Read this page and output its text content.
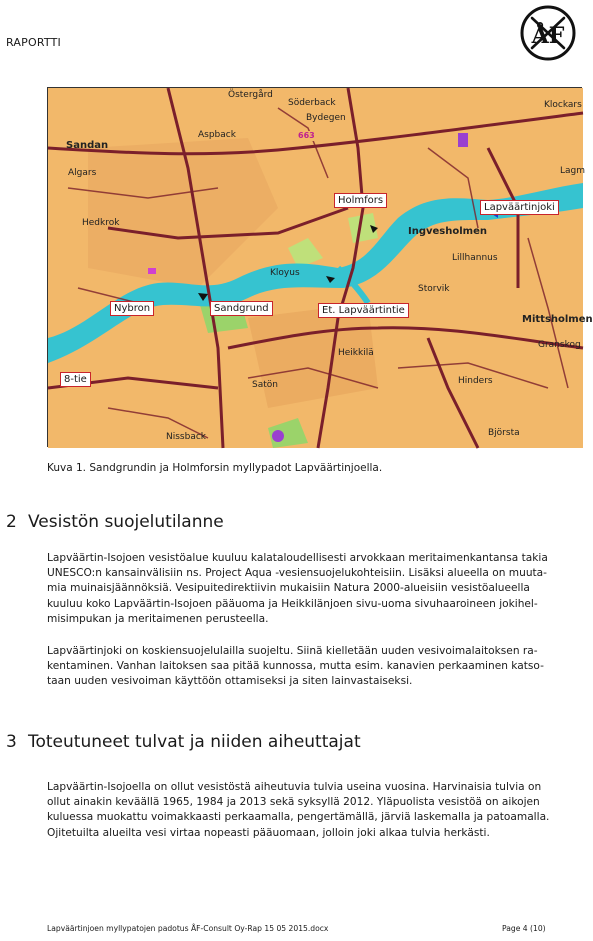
RAPORTTI	ÅF
Lapväärtinjoki
Holmfors
Nybron	Sandgrund	Et. Lapväärtintie
8-tie
Sandan
Ingvesholmen
Mittsholmen
Östergård
Söderback
Bydegen
663
Aspback
Klockars
Algars
Hedkrok
Kloyus
Lillhannus
Storvik
Granskog
Heikkilä
Hinders
Björsta
Nissback
Satön
Lagm
Kuva 1. Sandgrundin ja Holmforsin myllypadot Lapväärtinjoella.
2 Vesistön suojelutilanne
Lapväärtin-Isojoen vesistöalue kuuluu kalataloudellisesti arvokkaan meritaimenkantansa takia
UNESCO:n kansainvälisiin ns. Project Aqua -vesiensuojelukohteisiin. Lisäksi alueella on muuta-
mia muinaisjäännöksiä. Vesipuitedirektiivin mukaisiin Natura 2000-alueisiin vesistöalueella
kuuluu koko Lapväärtin-Isojoen pääuoma ja Heikkilänjoen sivu-uoma sivuhaaroineen jokihel-
misimpukan ja meritaimenen perusteella.
Lapväärtinjoki on koskiensuojelulailla suojeltu. Siinä kielletään uuden vesivoimalaitoksen ra-
kentaminen. Vanhan laitoksen saa pitää kunnossa, mutta esim. kanavien perkaaminen katso-
taan uuden vesivoiman käyttöön ottamiseksi ja siten lainvastaiseksi.
3 Toteutuneet tulvat ja niiden aiheuttajat
Lapväärtin-Isojoella on ollut vesistöstä aiheutuvia tulvia useina vuosina. Harvinaisia tulvia on
ollut ainakin keväällä 1965, 1984 ja 2013 sekä syksyllä 2012. Yläpuolista vesistöä on aikojen
kuluessa muokattu voimakkaasti perkaamalla, pengertämällä, järviä laskemalla ja patoamalla.
Ojitetuilta alueilta vesi virtaa nopeasti pääuomaan, jolloin joki alkaa tulvia herkästi.
Lapväärtinjoen myllypatojen padotus ÅF-Consult Oy-Rap 15 05 2015.docx	Page 4 (10)
